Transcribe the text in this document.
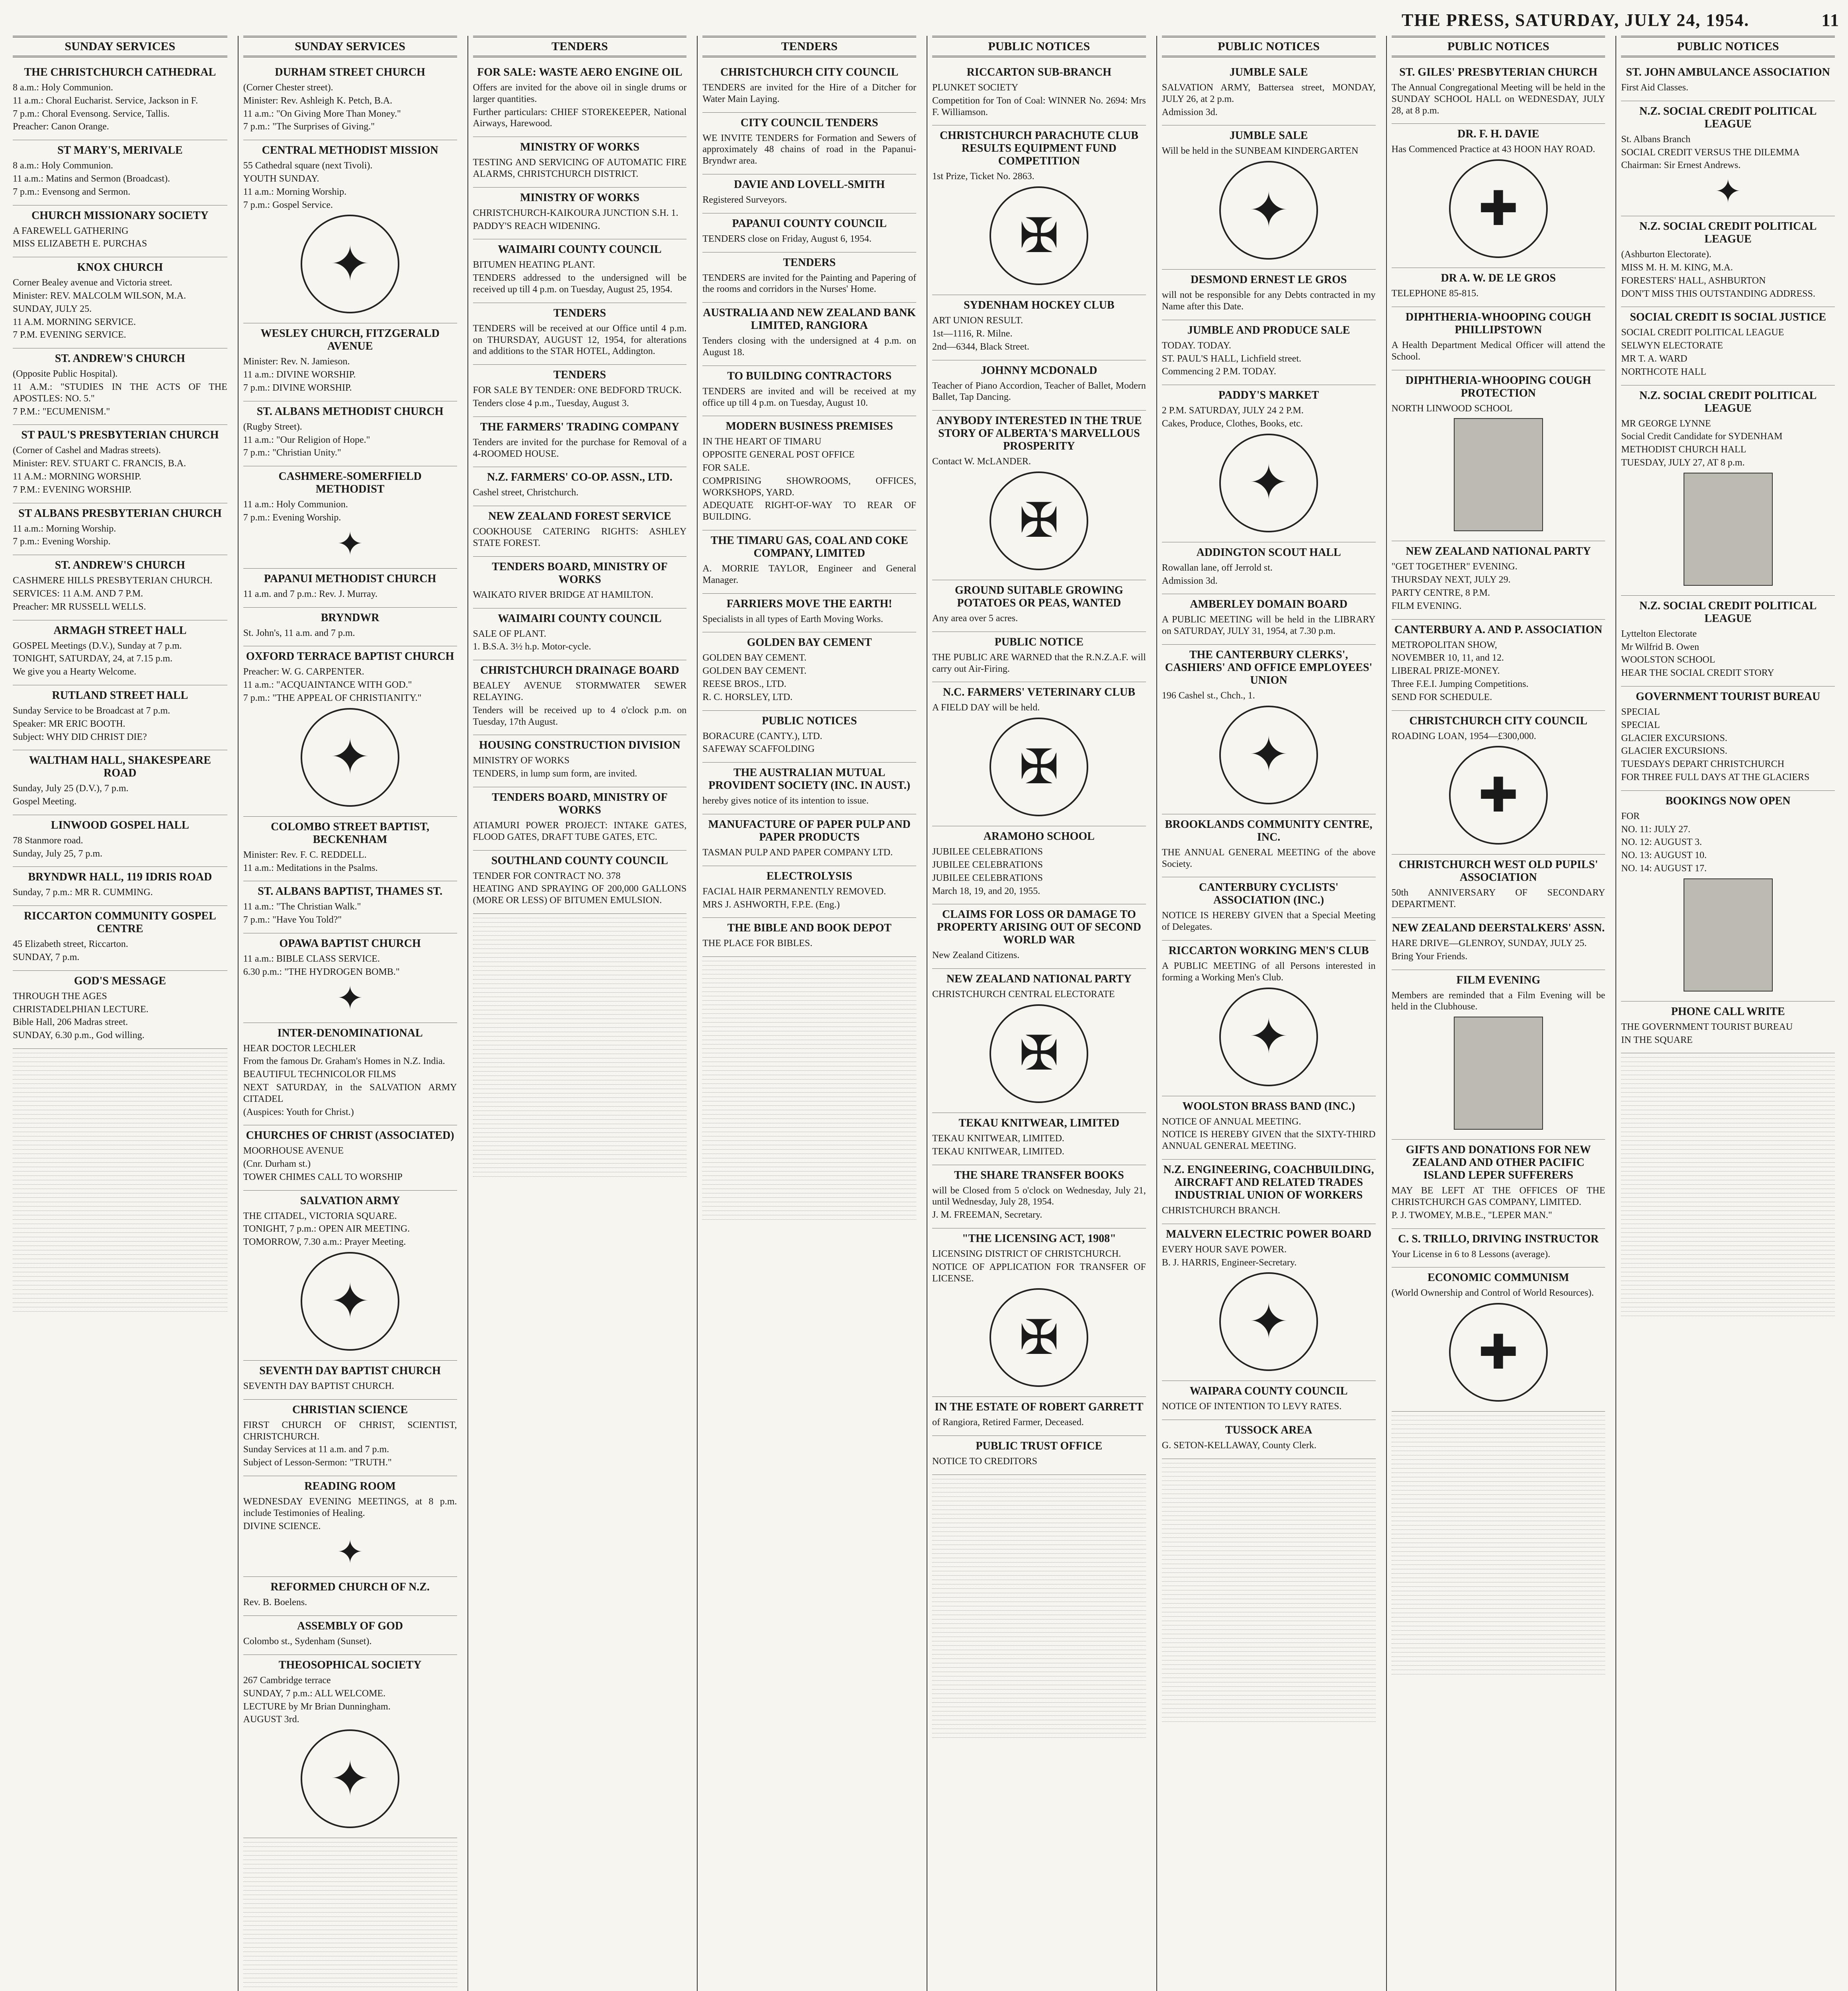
THE PRESS, SATURDAY, JULY 24, 1954.	11
SUNDAY SERVICES
THE CHRISTCHURCH CATHEDRAL

8 a.m.: Holy Communion.

11 a.m.: Choral Eucharist. Service, Jackson in F.

7 p.m.: Choral Evensong. Service, Tallis.

Preacher: Canon Orange.

ST MARY'S, MERIVALE

8 a.m.: Holy Communion.

11 a.m.: Matins and Sermon (Broadcast).

7 p.m.: Evensong and Sermon.

CHURCH MISSIONARY SOCIETY

A FAREWELL GATHERING

MISS ELIZABETH E. PURCHAS

KNOX CHURCH

Corner Bealey avenue and Victoria street.

Minister: REV. MALCOLM WILSON, M.A.

SUNDAY, JULY 25.

11 A.M. MORNING SERVICE.

7 P.M. EVENING SERVICE.

ST. ANDREW'S CHURCH

(Opposite Public Hospital).

11 A.M.: "STUDIES IN THE ACTS OF THE APOSTLES: NO. 5."

7 P.M.: "ECUMENISM."

ST PAUL'S PRESBYTERIAN CHURCH

(Corner of Cashel and Madras streets).

Minister: REV. STUART C. FRANCIS, B.A.

11 A.M.: MORNING WORSHIP.

7 P.M.: EVENING WORSHIP.

ST ALBANS PRESBYTERIAN CHURCH

11 a.m.: Morning Worship.

7 p.m.: Evening Worship.

ST. ANDREW'S CHURCH

CASHMERE HILLS PRESBYTERIAN CHURCH.

SERVICES: 11 A.M. AND 7 P.M.

Preacher: MR RUSSELL WELLS.

ARMAGH STREET HALL

GOSPEL Meetings (D.V.), Sunday at 7 p.m.

TONIGHT, SATURDAY, 24, at 7.15 p.m.

We give you a Hearty Welcome.

RUTLAND STREET HALL

Sunday Service to be Broadcast at 7 p.m.

Speaker: MR ERIC BOOTH.

Subject: WHY DID CHRIST DIE?

WALTHAM HALL, SHAKESPEARE ROAD

Sunday, July 25 (D.V.), 7 p.m.

Gospel Meeting.

LINWOOD GOSPEL HALL

78 Stanmore road.

Sunday, July 25, 7 p.m.

BRYNDWR HALL, 119 IDRIS ROAD

Sunday, 7 p.m.: MR R. CUMMING.

RICCARTON COMMUNITY GOSPEL CENTRE

45 Elizabeth street, Riccarton.

SUNDAY, 7 p.m.

GOD'S MESSAGE

THROUGH THE AGES

CHRISTADELPHIAN LECTURE.

Bible Hall, 206 Madras street.

SUNDAY, 6.30 p.m., God willing.

SUNDAY SERVICES
DURHAM STREET CHURCH

(Corner Chester street).

Minister: Rev. Ashleigh K. Petch, B.A.

11 a.m.: "On Giving More Than Money."

7 p.m.: "The Surprises of Giving."

CENTRAL METHODIST MISSION

55 Cathedral square (next Tivoli).

YOUTH SUNDAY.

11 a.m.: Morning Worship.

7 p.m.: Gospel Service.

✦
WESLEY CHURCH, FITZGERALD AVENUE

Minister: Rev. N. Jamieson.

11 a.m.: DIVINE WORSHIP.

7 p.m.: DIVINE WORSHIP.

ST. ALBANS METHODIST CHURCH

(Rugby Street).

11 a.m.: "Our Religion of Hope."

7 p.m.: "Christian Unity."

CASHMERE-SOMERFIELD METHODIST

11 a.m.: Holy Communion.

7 p.m.: Evening Worship.

✦
PAPANUI METHODIST CHURCH

11 a.m. and 7 p.m.: Rev. J. Murray.

BRYNDWR

St. John's, 11 a.m. and 7 p.m.

OXFORD TERRACE BAPTIST CHURCH

Preacher: W. G. CARPENTER.

11 a.m.: "ACQUAINTANCE WITH GOD."

7 p.m.: "THE APPEAL OF CHRISTIANITY."

✦
COLOMBO STREET BAPTIST, BECKENHAM

Minister: Rev. F. C. REDDELL.

11 a.m.: Meditations in the Psalms.

ST. ALBANS BAPTIST, THAMES ST.

11 a.m.: "The Christian Walk."

7 p.m.: "Have You Told?"

OPAWA BAPTIST CHURCH

11 a.m.: BIBLE CLASS SERVICE.

6.30 p.m.: "THE HYDROGEN BOMB."

✦
INTER-DENOMINATIONAL

HEAR DOCTOR LECHLER

From the famous Dr. Graham's Homes in N.Z. India.

BEAUTIFUL TECHNICOLOR FILMS

NEXT SATURDAY, in the SALVATION ARMY CITADEL

(Auspices: Youth for Christ.)

CHURCHES OF CHRIST (ASSOCIATED)

MOORHOUSE AVENUE

(Cnr. Durham st.)

TOWER CHIMES CALL TO WORSHIP

SALVATION ARMY

THE CITADEL, VICTORIA SQUARE.

TONIGHT, 7 p.m.: OPEN AIR MEETING.

TOMORROW, 7.30 a.m.: Prayer Meeting.

✦
SEVENTH DAY BAPTIST CHURCH

SEVENTH DAY BAPTIST CHURCH.

CHRISTIAN SCIENCE

FIRST CHURCH OF CHRIST, SCIENTIST, CHRISTCHURCH.

Sunday Services at 11 a.m. and 7 p.m.

Subject of Lesson-Sermon: "TRUTH."

READING ROOM

WEDNESDAY EVENING MEETINGS, at 8 p.m. include Testimonies of Healing.

DIVINE SCIENCE.

✦
REFORMED CHURCH OF N.Z.

Rev. B. Boelens.

ASSEMBLY OF GOD

Colombo st., Sydenham (Sunset).

THEOSOPHICAL SOCIETY

267 Cambridge terrace

SUNDAY, 7 p.m.: ALL WELCOME.

LECTURE by Mr Brian Dunningham.

AUGUST 3rd.

✦
TENDERS
FOR SALE: WASTE AERO ENGINE OIL

Offers are invited for the above oil in single drums or larger quantities.

Further particulars: CHIEF STOREKEEPER, National Airways, Harewood.

MINISTRY OF WORKS

TESTING AND SERVICING OF AUTOMATIC FIRE ALARMS, CHRISTCHURCH DISTRICT.

MINISTRY OF WORKS

CHRISTCHURCH-KAIKOURA JUNCTION S.H. 1.

PADDY'S REACH WIDENING.

WAIMAIRI COUNTY COUNCIL

BITUMEN HEATING PLANT.

TENDERS addressed to the undersigned will be received up till 4 p.m. on Tuesday, August 25, 1954.

TENDERS

TENDERS will be received at our Office until 4 p.m. on THURSDAY, AUGUST 12, 1954, for alterations and additions to the STAR HOTEL, Addington.

TENDERS

FOR SALE BY TENDER: ONE BEDFORD TRUCK.

Tenders close 4 p.m., Tuesday, August 3.

THE FARMERS' TRADING COMPANY

Tenders are invited for the purchase for Removal of a 4-ROOMED HOUSE.

N.Z. FARMERS' CO-OP. ASSN., LTD.

Cashel street, Christchurch.

NEW ZEALAND FOREST SERVICE

COOKHOUSE CATERING RIGHTS: ASHLEY STATE FOREST.

TENDERS BOARD, MINISTRY OF WORKS

WAIKATO RIVER BRIDGE AT HAMILTON.

WAIMAIRI COUNTY COUNCIL

SALE OF PLANT.

1. B.S.A. 3½ h.p. Motor-cycle.

CHRISTCHURCH DRAINAGE BOARD

BEALEY AVENUE STORMWATER SEWER RELAYING.

Tenders will be received up to 4 o'clock p.m. on Tuesday, 17th August.

HOUSING CONSTRUCTION DIVISION

MINISTRY OF WORKS

TENDERS, in lump sum form, are invited.

TENDERS BOARD, MINISTRY OF WORKS

ATIAMURI POWER PROJECT: INTAKE GATES, FLOOD GATES, DRAFT TUBE GATES, ETC.

SOUTHLAND COUNTY COUNCIL

TENDER FOR CONTRACT NO. 378

HEATING AND SPRAYING OF 200,000 GALLONS (MORE OR LESS) OF BITUMEN EMULSION.

TENDERS
CHRISTCHURCH CITY COUNCIL

TENDERS are invited for the Hire of a Ditcher for Water Main Laying.

CITY COUNCIL TENDERS

WE INVITE TENDERS for Formation and Sewers of approximately 48 chains of road in the Papanui-Bryndwr area.

DAVIE AND LOVELL-SMITH

Registered Surveyors.

PAPANUI COUNTY COUNCIL

TENDERS close on Friday, August 6, 1954.

TENDERS

TENDERS are invited for the Painting and Papering of the rooms and corridors in the Nurses' Home.

AUSTRALIA AND NEW ZEALAND BANK LIMITED, RANGIORA

Tenders closing with the undersigned at 4 p.m. on August 18.

TO BUILDING CONTRACTORS

TENDERS are invited and will be received at my office up till 4 p.m. on Tuesday, August 10.

MODERN BUSINESS PREMISES

IN THE HEART OF TIMARU

OPPOSITE GENERAL POST OFFICE

FOR SALE.

COMPRISING SHOWROOMS, OFFICES, WORKSHOPS, YARD.

ADEQUATE RIGHT-OF-WAY TO REAR OF BUILDING.

THE TIMARU GAS, COAL AND COKE COMPANY, LIMITED

A. MORRIE TAYLOR, Engineer and General Manager.

FARRIERS MOVE THE EARTH!

Specialists in all types of Earth Moving Works.

GOLDEN BAY CEMENT

GOLDEN BAY CEMENT.

GOLDEN BAY CEMENT.

REESE BROS., LTD.

R. C. HORSLEY, LTD.

PUBLIC NOTICES

BORACURE (CANTY.), LTD.

SAFEWAY SCAFFOLDING

THE AUSTRALIAN MUTUAL PROVIDENT SOCIETY (INC. IN AUST.)

hereby gives notice of its intention to issue.

MANUFACTURE OF PAPER PULP AND PAPER PRODUCTS

TASMAN PULP AND PAPER COMPANY LTD.

ELECTROLYSIS

FACIAL HAIR PERMANENTLY REMOVED.

MRS J. ASHWORTH, F.P.E. (Eng.)

THE BIBLE AND BOOK DEPOT

THE PLACE FOR BIBLES.

PUBLIC NOTICES
RICCARTON SUB-BRANCH

PLUNKET SOCIETY

Competition for Ton of Coal: WINNER No. 2694: Mrs F. Williamson.

CHRISTCHURCH PARACHUTE CLUB RESULTS EQUIPMENT FUND COMPETITION

1st Prize, Ticket No. 2863.

✠
SYDENHAM HOCKEY CLUB

ART UNION RESULT.

1st—1116, R. Milne.

2nd—6344, Black Street.

JOHNNY MCDONALD

Teacher of Piano Accordion, Teacher of Ballet, Modern Ballet, Tap Dancing.

ANYBODY INTERESTED IN THE TRUE STORY OF ALBERTA'S MARVELLOUS PROSPERITY

Contact W. McLANDER.

✠
GROUND SUITABLE GROWING POTATOES OR PEAS, WANTED

Any area over 5 acres.

PUBLIC NOTICE

THE PUBLIC ARE WARNED that the R.N.Z.A.F. will carry out Air-Firing.

N.C. FARMERS' VETERINARY CLUB

A FIELD DAY will be held.

✠
ARAMOHO SCHOOL

JUBILEE CELEBRATIONS

JUBILEE CELEBRATIONS

JUBILEE CELEBRATIONS

March 18, 19, and 20, 1955.

CLAIMS FOR LOSS OR DAMAGE TO PROPERTY ARISING OUT OF SECOND WORLD WAR

New Zealand Citizens.

NEW ZEALAND NATIONAL PARTY

CHRISTCHURCH CENTRAL ELECTORATE

✠
TEKAU KNITWEAR, LIMITED

TEKAU KNITWEAR, LIMITED.

TEKAU KNITWEAR, LIMITED.

THE SHARE TRANSFER BOOKS

will be Closed from 5 o'clock on Wednesday, July 21, until Wednesday, July 28, 1954.

J. M. FREEMAN, Secretary.

"THE LICENSING ACT, 1908"

LICENSING DISTRICT OF CHRISTCHURCH.

NOTICE OF APPLICATION FOR TRANSFER OF LICENSE.

✠
IN THE ESTATE OF ROBERT GARRETT

of Rangiora, Retired Farmer, Deceased.

PUBLIC TRUST OFFICE

NOTICE TO CREDITORS

PUBLIC NOTICES
JUMBLE SALE

SALVATION ARMY, Battersea street, MONDAY, JULY 26, at 2 p.m.

Admission 3d.

JUMBLE SALE

Will be held in the SUNBEAM KINDERGARTEN

✦
DESMOND ERNEST LE GROS

will not be responsible for any Debts contracted in my Name after this Date.

JUMBLE AND PRODUCE SALE

TODAY. TODAY.

ST. PAUL'S HALL, Lichfield street.

Commencing 2 P.M. TODAY.

PADDY'S MARKET

2 P.M. SATURDAY, JULY 24 2 P.M.

Cakes, Produce, Clothes, Books, etc.

✦
ADDINGTON SCOUT HALL

Rowallan lane, off Jerrold st.

Admission 3d.

AMBERLEY DOMAIN BOARD

A PUBLIC MEETING will be held in the LIBRARY on SATURDAY, JULY 31, 1954, at 7.30 p.m.

THE CANTERBURY CLERKS', CASHIERS' AND OFFICE EMPLOYEES' UNION

196 Cashel st., Chch., 1.

✦
BROOKLANDS COMMUNITY CENTRE, INC.

THE ANNUAL GENERAL MEETING of the above Society.

CANTERBURY CYCLISTS' ASSOCIATION (INC.)

NOTICE IS HEREBY GIVEN that a Special Meeting of Delegates.

RICCARTON WORKING MEN'S CLUB

A PUBLIC MEETING of all Persons interested in forming a Working Men's Club.

✦
WOOLSTON BRASS BAND (INC.)

NOTICE OF ANNUAL MEETING.

NOTICE IS HEREBY GIVEN that the SIXTY-THIRD ANNUAL GENERAL MEETING.

N.Z. ENGINEERING, COACHBUILDING, AIRCRAFT AND RELATED TRADES INDUSTRIAL UNION OF WORKERS

CHRISTCHURCH BRANCH.

MALVERN ELECTRIC POWER BOARD

EVERY HOUR SAVE POWER.

B. J. HARRIS, Engineer-Secretary.

✦
WAIPARA COUNTY COUNCIL

NOTICE OF INTENTION TO LEVY RATES.

TUSSOCK AREA

G. SETON-KELLAWAY, County Clerk.

PUBLIC NOTICES
ST. GILES' PRESBYTERIAN CHURCH

The Annual Congregational Meeting will be held in the SUNDAY SCHOOL HALL on WEDNESDAY, JULY 28, at 8 p.m.

DR. F. H. DAVIE

Has Commenced Practice at 43 HOON HAY ROAD.

✚
DR A. W. DE LE GROS

TELEPHONE 85-815.

DIPHTHERIA-WHOOPING COUGH PHILLIPSTOWN

A Health Department Medical Officer will attend the School.

DIPHTHERIA-WHOOPING COUGH PROTECTION

NORTH LINWOOD SCHOOL

NEW ZEALAND NATIONAL PARTY

"GET TOGETHER" EVENING.

THURSDAY NEXT, JULY 29.

PARTY CENTRE, 8 P.M.

FILM EVENING.

CANTERBURY A. AND P. ASSOCIATION

METROPOLITAN SHOW,

NOVEMBER 10, 11, and 12.

LIBERAL PRIZE-MONEY.

Three F.E.I. Jumping Competitions.

SEND FOR SCHEDULE.

CHRISTCHURCH CITY COUNCIL

ROADING LOAN, 1954—£300,000.

✚
CHRISTCHURCH WEST OLD PUPILS' ASSOCIATION

50th ANNIVERSARY OF SECONDARY DEPARTMENT.

NEW ZEALAND DEERSTALKERS' ASSN.

HARE DRIVE—GLENROY, SUNDAY, JULY 25.

Bring Your Friends.

FILM EVENING

Members are reminded that a Film Evening will be held in the Clubhouse.

GIFTS AND DONATIONS FOR NEW ZEALAND AND OTHER PACIFIC ISLAND LEPER SUFFERERS

MAY BE LEFT AT THE OFFICES OF THE CHRISTCHURCH GAS COMPANY, LIMITED.

P. J. TWOMEY, M.B.E., "LEPER MAN."

C. S. TRILLO, DRIVING INSTRUCTOR

Your License in 6 to 8 Lessons (average).

ECONOMIC COMMUNISM

(World Ownership and Control of World Resources).

✚
PUBLIC NOTICES
ST. JOHN AMBULANCE ASSOCIATION

First Aid Classes.

N.Z. SOCIAL CREDIT POLITICAL LEAGUE

St. Albans Branch

SOCIAL CREDIT VERSUS THE DILEMMA

Chairman: Sir Ernest Andrews.

✦
N.Z. SOCIAL CREDIT POLITICAL LEAGUE

(Ashburton Electorate).

MISS M. H. M. KING, M.A.

FORESTERS' HALL, ASHBURTON

DON'T MISS THIS OUTSTANDING ADDRESS.

SOCIAL CREDIT IS SOCIAL JUSTICE

SOCIAL CREDIT POLITICAL LEAGUE

SELWYN ELECTORATE

MR T. A. WARD

NORTHCOTE HALL

N.Z. SOCIAL CREDIT POLITICAL LEAGUE

MR GEORGE LYNNE

Social Credit Candidate for SYDENHAM

METHODIST CHURCH HALL

TUESDAY, JULY 27, AT 8 p.m.

N.Z. SOCIAL CREDIT POLITICAL LEAGUE

Lyttelton Electorate

Mr Wilfrid B. Owen

WOOLSTON SCHOOL

HEAR THE SOCIAL CREDIT STORY

GOVERNMENT TOURIST BUREAU

SPECIAL

SPECIAL

GLACIER EXCURSIONS.

GLACIER EXCURSIONS.

TUESDAYS DEPART CHRISTCHURCH

FOR THREE FULL DAYS AT THE GLACIERS

BOOKINGS NOW OPEN

FOR

NO. 11: JULY 27.

NO. 12: AUGUST 3.

NO. 13: AUGUST 10.

NO. 14: AUGUST 17.

PHONE CALL WRITE

THE GOVERNMENT TOURIST BUREAU

IN THE SQUARE
